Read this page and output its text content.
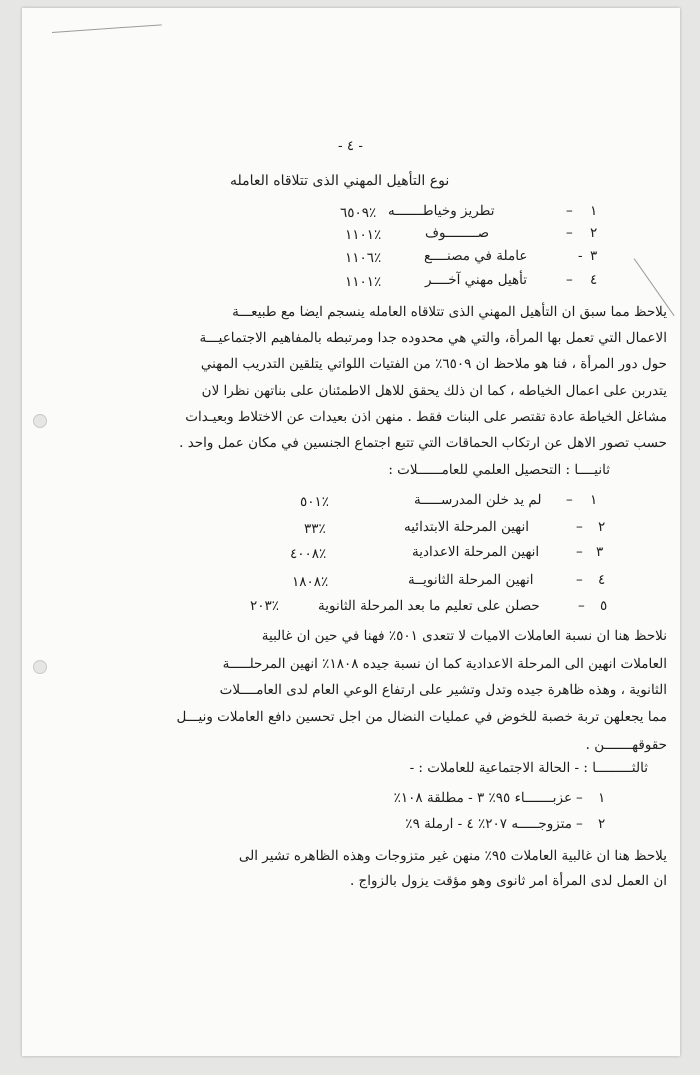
- ٤ -
نوع التأهيل المهني الذى تتلاقاه العامله
١
–
تطريز وخياطـــــــه
٦٥٠٩٪
٢
–
صــــــــوف
١١٠١٪
٣
-
عاملة في مصنــــع
١١٠٦٪
٤
–
تأهيل مهني آخــــر
١١٠١٪
يلاحظ مما سبق ان التأهيل المهني الذى تتلاقاه العامله ينسجم ايضا مع طبيعـــة
الاعمال التي تعمل بها المرأة، والتي هي محدوده جدا ومرتبطه بالمفاهيم الاجتماعيـــة
حول دور المرأة ، فنا هو ملاحظ ان ٦٥٠٩٪ من الفتيات اللواتي يتلقين التدريب المهني
يتدربن على اعمال الخياطه ، كما ان ذلك يحقق للاهل الاطمئنان على بناتهن نظرا لان
مشاغل الخياطة عادة تقتصر على البنات فقط . منهن اذن بعيدات عن الاختلاط وبعيـدات
حسب تصور الاهل عن ارتكاب الحماقات التي تتبع اجتماع الجنسين في مكان عمل واحد .
ثانيــــا : التحصيل العلمي للعامــــــلات :
١
–
لم يد خلن المدرســـــة
٥٠١٪
٢
–
انهين المرحلة الابتدائيه
٣٣٪
٣
–
انهين المرحلة الاعدادية
٤٠٠٨٪
٤
–
انهين المرحلة الثانويــة
١٨٠٨٪
٥
–
حصلن على تعليم ما بعد المرحلة الثانوية
٢٠٣٪
نلاحظ هنا ان نسبة العاملات الاميات لا تتعدى ٥٠١٪ فهنا في حين ان غالبية
العاملات انهين الى المرحلة الاعدادية كما ان نسبة جيده ١٨٠٨٪ انهين المرحلـــــة
الثانوية ، وهذه ظاهرة جيده وتدل وتشير على ارتفاع الوعي العام لدى العامــــلات
مما يجعلهن تربة خصبة للخوض في عمليات النضال من اجل تحسين دافع العاملات ونيـــل
حقوقهـــــــن .
ثالثـــــــــا : - الحالة الاجتماعية للعاملات : -
١
–
عزبـــــــاء ٩٥٪ ٣ - مطلقة ١٠٨٪
٢
–
متزوجـــــه ٢٠٧٪ ٤ - ارملة ٩٪
يلاحظ هنا ان غالبية العاملات ٩٥٪ منهن غير متزوجات وهذه الظاهره تشير الى
ان العمل لدى المرأة امر ثانوى وهو مؤقت يزول بالزواج .
